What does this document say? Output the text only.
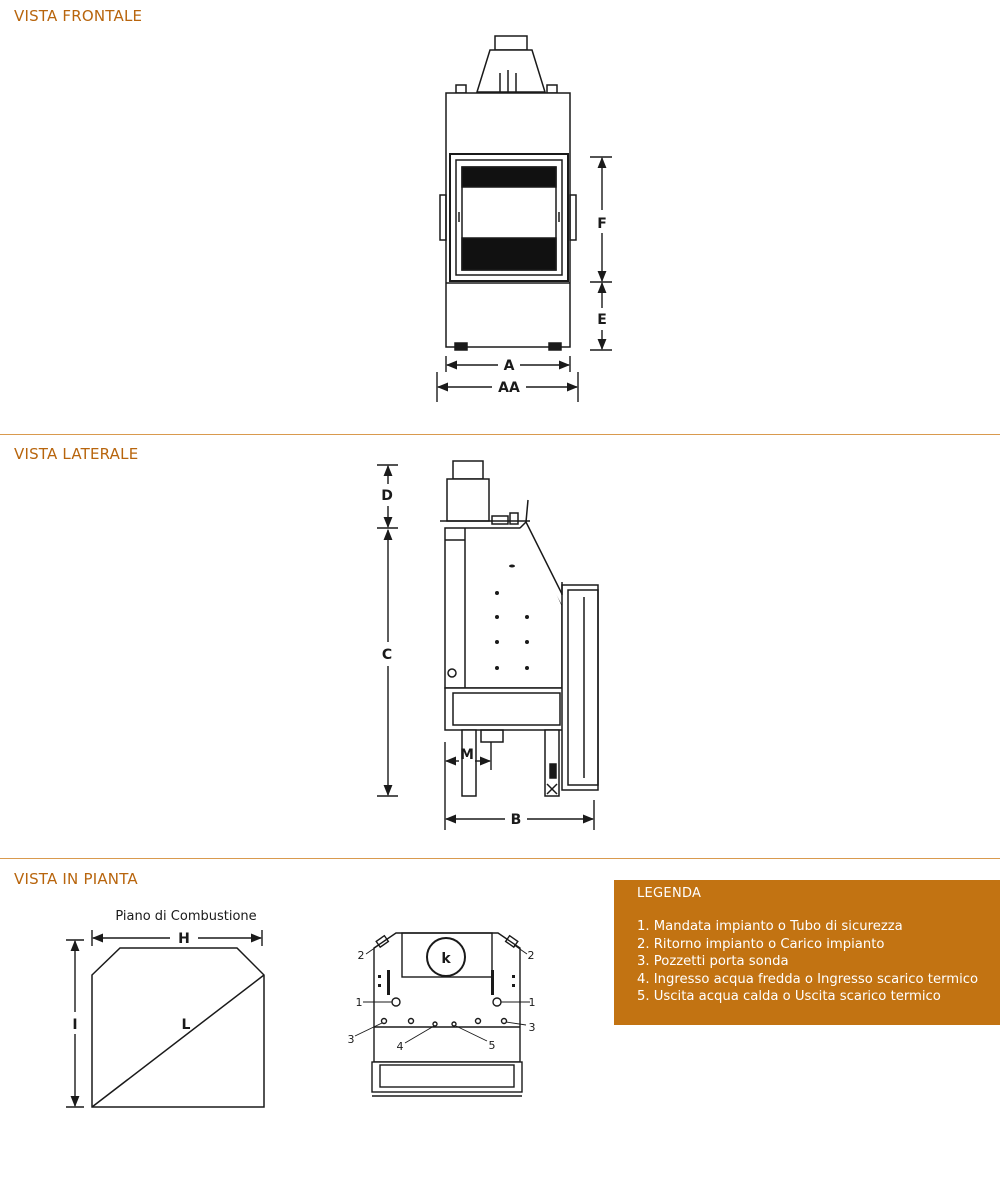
VISTA FRONTALE
VISTA LATERALE
VISTA IN PIANTA
A
AA
F
E
D
C
B
M
Piano di Combustione
H
I	L
k
2	2
1	1
3
3
4	5
LEGENDA
1. Mandata impianto o Tubo di sicurezza
2. Ritorno impianto o Carico impianto
3. Pozzetti porta sonda
4. Ingresso acqua fredda o Ingresso scarico termico
5. Uscita acqua calda o Uscita scarico termico
